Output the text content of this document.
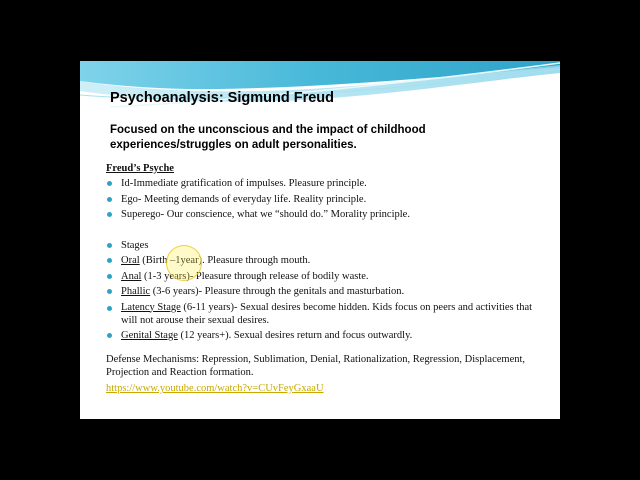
Psychoanalysis: Sigmund Freud
Focused on the unconscious and the impact of childhood experiences/struggles on adult personalities.
Freud’s Psyche
Id-Immediate gratification of impulses. Pleasure principle.
Ego- Meeting demands of everyday life. Reality principle.
Superego- Our conscience, what we “should do.” Morality principle.
Stages
Oral (Birth –1year). Pleasure through mouth.
Anal (1-3 years)- Pleasure through release of bodily waste.
Phallic (3-6 years)- Pleasure through the genitals and masturbation.
Latency Stage (6-11 years)- Sexual desires become hidden. Kids focus on peers and activities that will not arouse their sexual desires.
Genital Stage (12 years+). Sexual desires return and focus outwardly.
Defense Mechanisms: Repression, Sublimation, Denial, Rationalization, Regression, Displacement, Projection and Reaction formation.
https://www.youtube.com/watch?v=CUvFeyGxaaU
